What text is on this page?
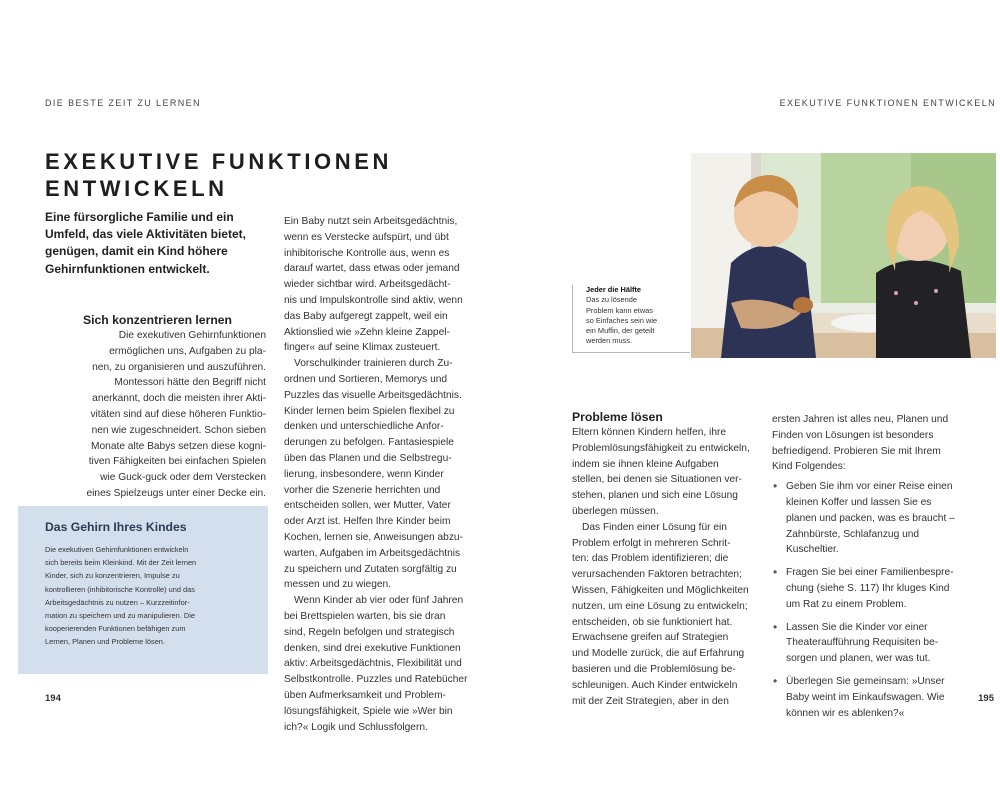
DIE BESTE ZEIT ZU LERNEN	EXEKUTIVE FUNKTIONEN ENTWICKELN
194	195
EXEKUTIVE FUNKTIONEN
ENTWICKELN

Eine fürsorgliche Familie und ein
Umfeld, das viele Aktivitäten bietet,
genügen, damit ein Kind höhere
Gehirnfunktionen entwickelt.

Sich konzentrieren lernen
Die exekutiven Gehirnfunktionen
ermöglichen uns, Aufgaben zu pla-
nen, zu organisieren und auszuführen.
Montessori hätte den Begriff nicht
anerkannt, doch die meisten ihrer Akti-
vitäten sind auf diese höheren Funktio-
nen wie zugeschneidert. Schon sieben
Monate alte Babys setzen diese kogni-
tiven Fähigkeiten bei einfachen Spielen
wie Guck-guck oder dem Verstecken
eines Spielzeugs unter einer Decke ein.
Das Gehirn Ihres Kindes
Die exekutiven Gehirnfunktionen entwickeln
sich bereits beim Kleinkind. Mit der Zeit lernen
Kinder, sich zu konzentrieren, Impulse zu
kontrollieren (inhibitorische Kontrolle) und das
Arbeitsgedächtnis zu nutzen – Kurzzeitinfor-
mation zu speichern und zu manipulieren. Die
kooperierenden Funktionen befähigen zum
Lernen, Planen und Probleme lösen.
Ein Baby nutzt sein Arbeitsgedächtnis,
wenn es Verstecke aufspürt, und übt
inhibitorische Kontrolle aus, wenn es
darauf wartet, dass etwas oder jemand
wieder sichtbar wird. Arbeitsgedächt-
nis und Impulskontrolle sind aktiv, wenn
das Baby aufgeregt zappelt, weil ein
Aktionslied wie »Zehn kleine Zappel-
finger« auf seine Klimax zusteuert.
Vorschulkinder trainieren durch Zu-
ordnen und Sortieren, Memorys und
Puzzles das visuelle Arbeitsgedächtnis.
Kinder lernen beim Spielen flexibel zu
denken und unterschiedliche Anfor-
derungen zu befolgen. Fantasiespiele
üben das Planen und die Selbstregu-
lierung, insbesondere, wenn Kinder
vorher die Szenerie herrichten und
entscheiden sollen, wer Mutter, Vater
oder Arzt ist. Helfen Ihre Kinder beim
Kochen, lernen sie, Anweisungen abzu-
warten, Aufgaben im Arbeitsgedächtnis
zu speichern und Zutaten sorgfältig zu
messen und zu wiegen.
Wenn Kinder ab vier oder fünf Jahren
bei Brettspielen warten, bis sie dran
sind, Regeln befolgen und strategisch
denken, sind drei exekutive Funktionen
aktiv: Arbeitsgedächtnis, Flexibilität und
Selbstkontrolle. Puzzles und Ratebücher
üben Aufmerksamkeit und Problem-
lösungsfähigkeit, Spiele wie »Wer bin
ich?« Logik und Schlussfolgern.
Jeder die Hälfte
Das zu lösende
Problem kann etwas
so Einfaches sein wie
ein Muffin, der geteilt
werden muss.
Probleme lösen
Eltern können Kindern helfen, ihre
Problemlösungsfähigkeit zu entwickeln,
indem sie ihnen kleine Aufgaben
stellen, bei denen sie Situationen ver-
stehen, planen und sich eine Lösung
überlegen müssen.
Das Finden einer Lösung für ein
Problem erfolgt in mehreren Schrit-
ten: das Problem identifizieren; die
verursachenden Faktoren betrachten;
Wissen, Fähigkeiten und Möglichkeiten
nutzen, um eine Lösung zu entwickeln;
entscheiden, ob sie funktioniert hat.
Erwachsene greifen auf Strategien
und Modelle zurück, die auf Erfahrung
basieren und die Problemlösung be-
schleunigen. Auch Kinder entwickeln
mit der Zeit Strategien, aber in den
ersten Jahren ist alles neu, Planen und
Finden von Lösungen ist besonders
befriedigend. Probieren Sie mit Ihrem
Kind Folgendes:
• Geben Sie ihm vor einer Reise einen
kleinen Koffer und lassen Sie es
planen und packen, was es braucht –
Zahnbürste, Schlafanzug und
Kuscheltier.
• Fragen Sie bei einer Familienbespre-
chung (siehe S. 117) Ihr kluges Kind
um Rat zu einem Problem.
• Lassen Sie die Kinder vor einer
Theateraufführung Requisiten be-
sorgen und planen, wer was tut.
• Überlegen Sie gemeinsam: »Unser
Baby weint im Einkaufswagen. Wie
können wir es ablenken?«
